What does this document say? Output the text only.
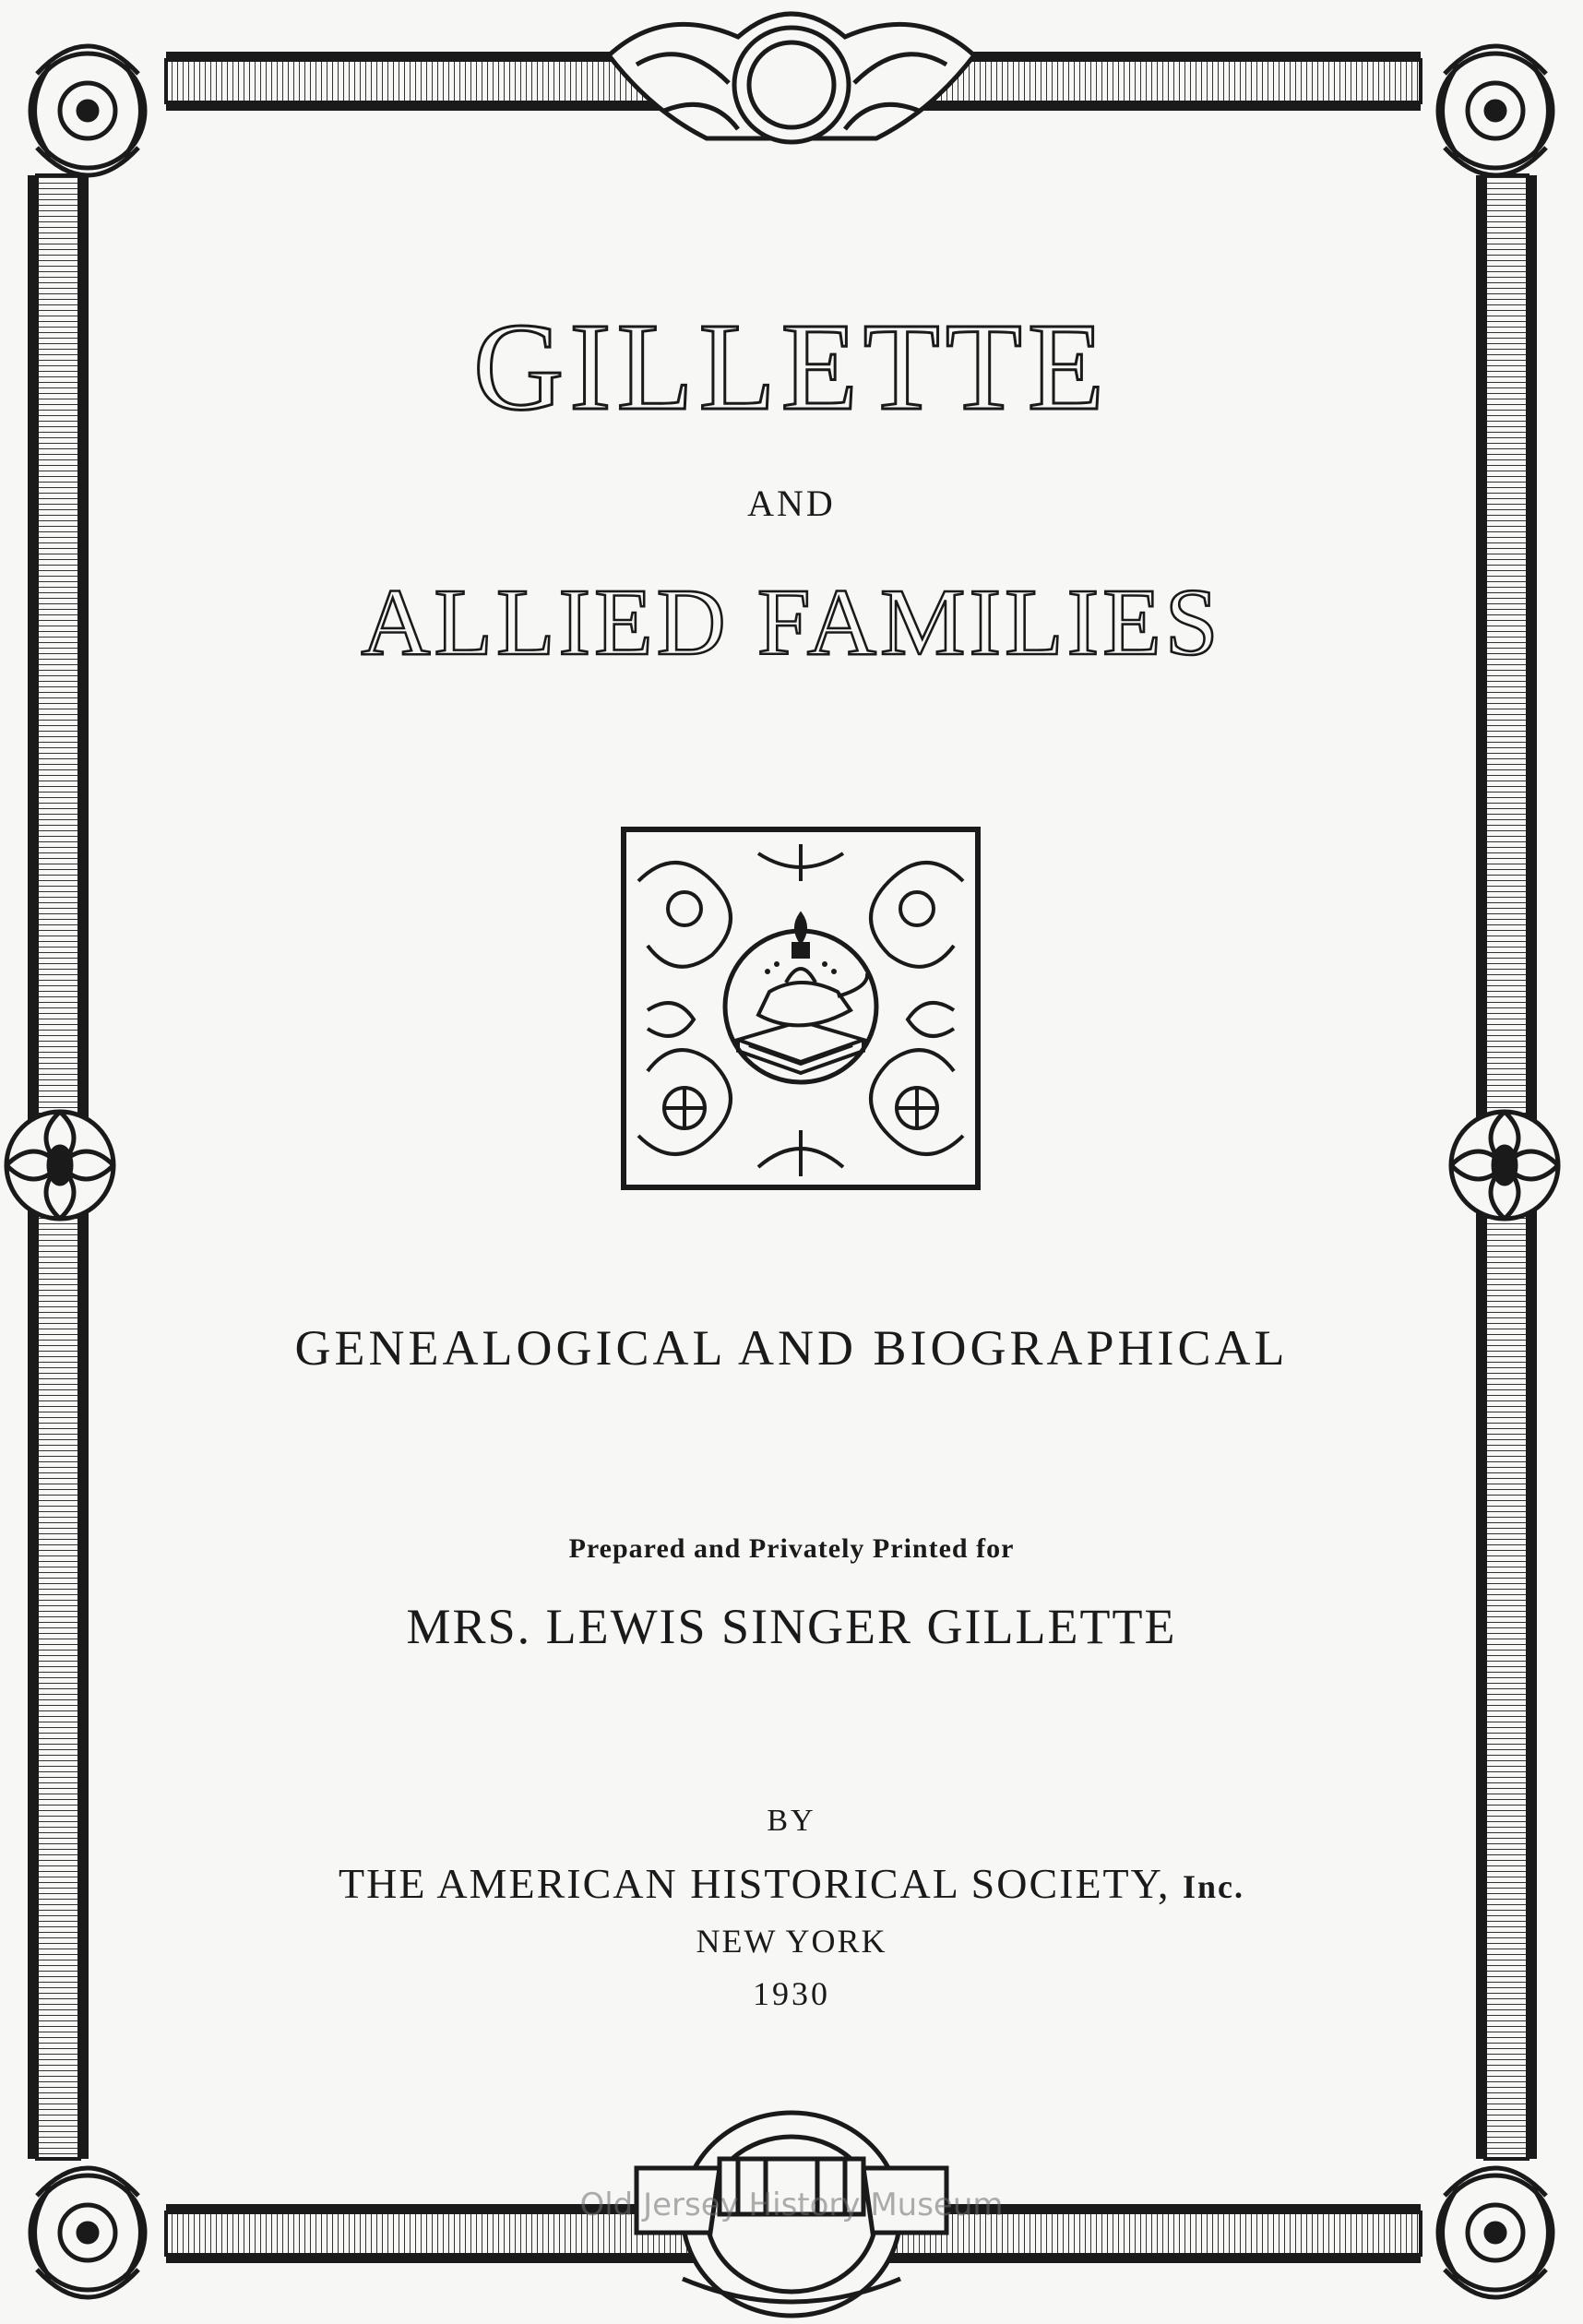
GILLETTE
AND
ALLIED FAMILIES
GENEALOGICAL AND BIOGRAPHICAL
Prepared and Privately Printed for
MRS. LEWIS SINGER GILLETTE
BY
THE AMERICAN HISTORICAL SOCIETY, Inc.
NEW YORK
1930
Old Jersey History Museum
